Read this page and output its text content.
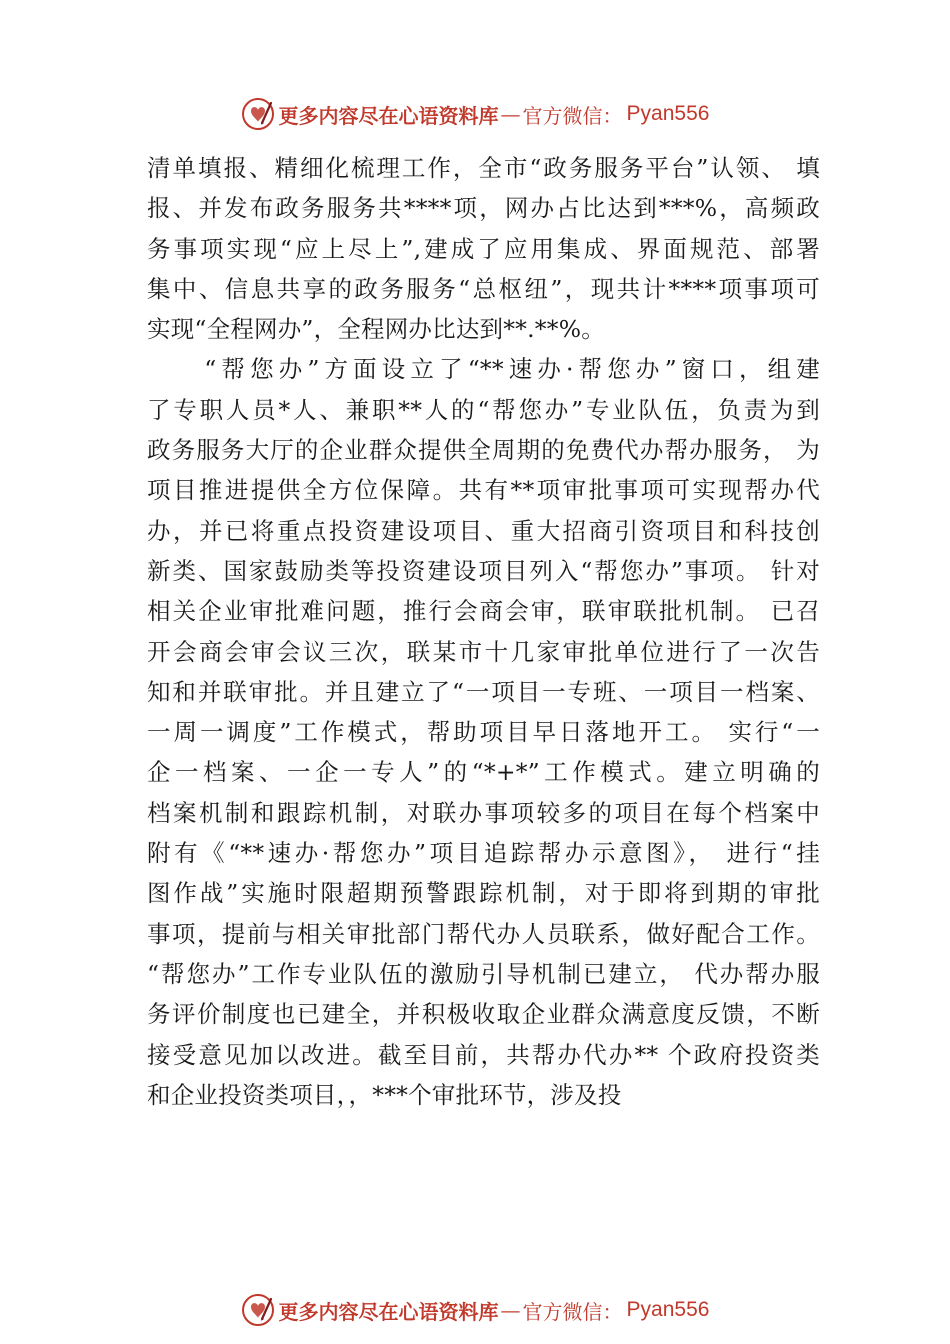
更多内容尽在心语资料库 — 官方微信 ： Pyan556
清单填报、精细化梳理工作，全市“政务服务平台”认领、 填
报、并发布政务服务共****项，网办占比达到***%，高频政
务事项实现“应上尽上”,建成了应用集成、界面规范、部署
集中、信息共享的政务服务“总枢纽”，现共计****项事项可
实现“全程网办”，全程网办比达到**.**%。
　　“帮您办”方面设立了“**速办·帮您办”窗口，组建
了专职人员*人、兼职**人的“帮您办”专业队伍，负责为到
政务服务大厅的企业群众提供全周期的免费代办帮办服务， 为
项目推进提供全方位保障。共有**项审批事项可实现帮办代
办，并已将重点投资建设项目、重大招商引资项目和科技创
新类、国家鼓励类等投资建设项目列入“帮您办”事项。 针对
相关企业审批难问题，推行会商会审，联审联批机制。 已召
开会商会审会议三次，联某市十几家审批单位进行了一次告
知和并联审批。并且建立了“一项目一专班、一项目一档案、
一周一调度”工作模式，帮助项目早日落地开工。 实行“一
企一档案、一企一专人”的“*+*”工作模式。建立明确的
档案机制和跟踪机制，对联办事项较多的项目在每个档案中
附有《“**速办·帮您办”项目追踪帮办示意图》， 进行“挂
图作战”实施时限超期预警跟踪机制，对于即将到期的审批
事项，提前与相关审批部门帮代办人员联系，做好配合工作。
“帮您办”工作专业队伍的激励引导机制已建立， 代办帮办服
务评价制度也已建全，并积极收取企业群众满意度反馈，不断
接受意见加以改进。截至目前，共帮办代办** 个政府投资类
和企业投资类项目，，***个审批环节，涉及投
更多内容尽在心语资料库 — 官方微信 ： Pyan556
